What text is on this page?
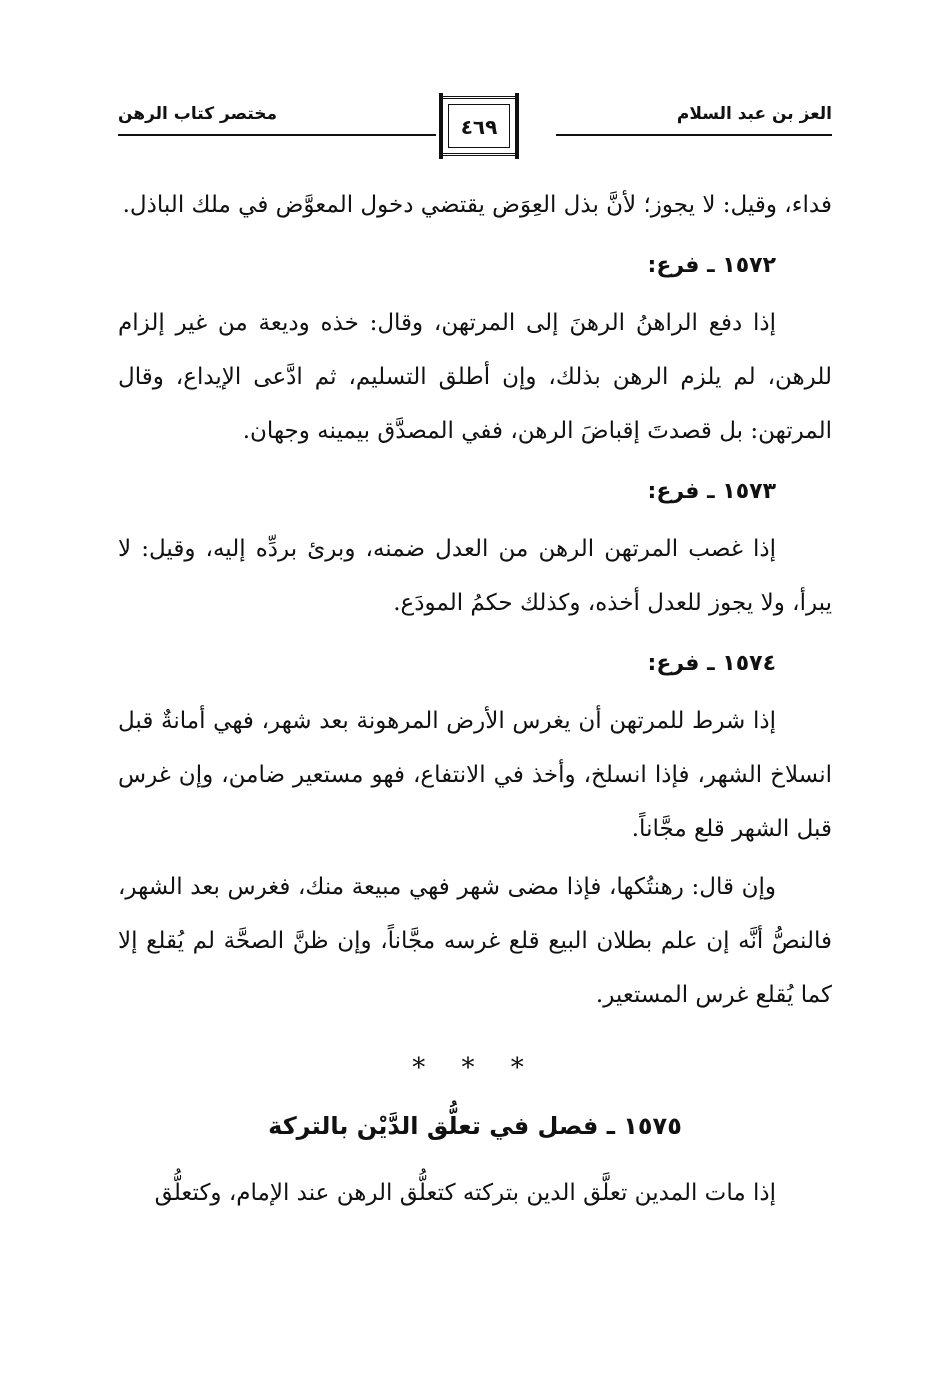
العز بن عبد السلام
٤٦٩
مختصر كتاب الرهن

فداء، وقيل: لا يجوز؛ لأنَّ بذل العِوَض يقتضي دخول المعوَّض في ملك الباذل.

١٥٧٢ ـ فرع:

إذا دفع الراهنُ الرهنَ إلى المرتهن، وقال: خذه وديعة من غير إلزام للرهن، لم يلزم الرهن بذلك، وإن أطلق التسليم، ثم ادَّعى الإيداع، وقال المرتهن: بل قصدتَ إقباضَ الرهن، ففي المصدَّق بيمينه وجهان.

١٥٧٣ ـ فرع:

إذا غصب المرتهن الرهن من العدل ضمنه، وبرئ بردِّه إليه، وقيل: لا يبرأ، ولا يجوز للعدل أخذه، وكذلك حكمُ المودَع.

١٥٧٤ ـ فرع:

إذا شرط للمرتهن أن يغرس الأرض المرهونة بعد شهر، فهي أمانةٌ قبل انسلاخ الشهر، فإذا انسلخ، وأخذ في الانتفاع، فهو مستعير ضامن، وإن غرس قبل الشهر قلع مجَّاناً.

وإن قال: رهنتُكها، فإذا مضى شهر فهي مبيعة منك، فغرس بعد الشهر، فالنصُّ أنَّه إن علم بطلان البيع قلع غرسه مجَّاناً، وإن ظنَّ الصحَّة لم يُقلع إلا كما يُقلع غرس المستعير.

* * *
١٥٧٥ ـ فصل في تعلُّق الدَّيْن بالتركة

إذا مات المدين تعلَّق الدين بتركته كتعلُّق الرهن عند الإمام، وكتعلُّق
